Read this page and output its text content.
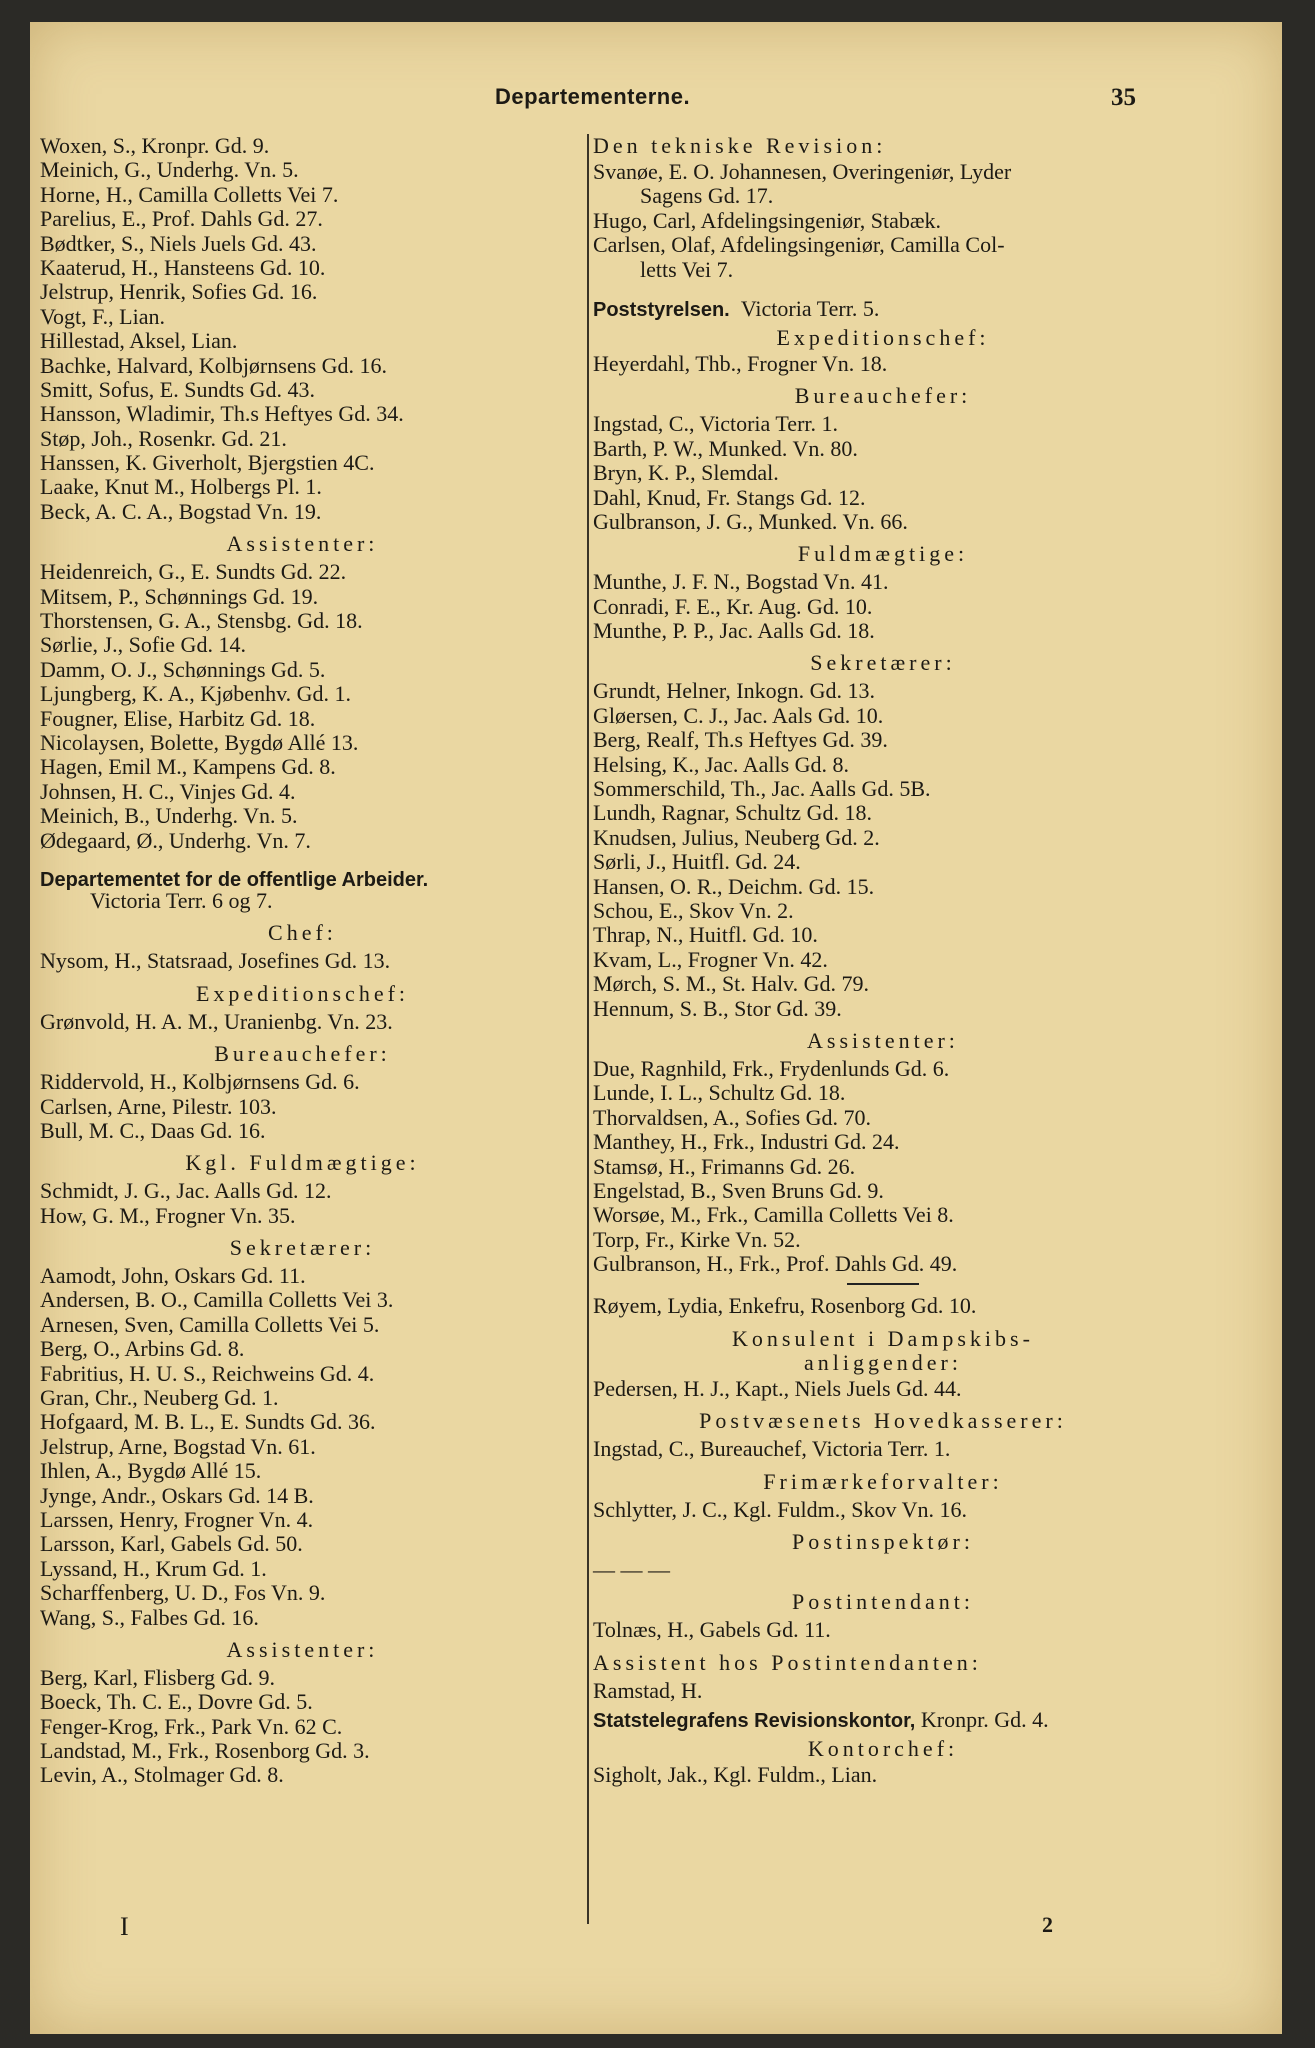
Departementerne.	35
Woxen, S., Kronpr. Gd. 9.
Meinich, G., Underhg. Vn. 5.
Horne, H., Camilla Colletts Vei 7.
Parelius, E., Prof. Dahls Gd. 27.
Bødtker, S., Niels Juels Gd. 43.
Kaaterud, H., Hansteens Gd. 10.
Jelstrup, Henrik, Sofies Gd. 16.
Vogt, F., Lian.
Hillestad, Aksel, Lian.
Bachke, Halvard, Kolbjørnsens Gd. 16.
Smitt, Sofus, E. Sundts Gd. 43.
Hansson, Wladimir, Th.s Heftyes Gd. 34.
Støp, Joh., Rosenkr. Gd. 21.
Hanssen, K. Giverholt, Bjergstien 4C.
Laake, Knut M., Holbergs Pl. 1.
Beck, A. C. A., Bogstad Vn. 19.
Assistenter:
Heidenreich, G., E. Sundts Gd. 22.
Mitsem, P., Schønnings Gd. 19.
Thorstensen, G. A., Stensbg. Gd. 18.
Sørlie, J., Sofie Gd. 14.
Damm, O. J., Schønnings Gd. 5.
Ljungberg, K. A., Kjøbenhv. Gd. 1.
Fougner, Elise, Harbitz Gd. 18.
Nicolaysen, Bolette, Bygdø Allé 13.
Hagen, Emil M., Kampens Gd. 8.
Johnsen, H. C., Vinjes Gd. 4.
Meinich, B., Underhg. Vn. 5.
Ødegaard, Ø., Underhg. Vn. 7.
Departementet for de offentlige Arbeider.
Victoria Terr. 6 og 7.
Chef:
Nysom, H., Statsraad, Josefines Gd. 13.
Expeditionschef:
Grønvold, H. A. M., Uranienbg. Vn. 23.
Bureauchefer:
Riddervold, H., Kolbjørnsens Gd. 6.
Carlsen, Arne, Pilestr. 103.
Bull, M. C., Daas Gd. 16.
Kgl. Fuldmægtige:
Schmidt, J. G., Jac. Aalls Gd. 12.
How, G. M., Frogner Vn. 35.
Sekretærer:
Aamodt, John, Oskars Gd. 11.
Andersen, B. O., Camilla Colletts Vei 3.
Arnesen, Sven, Camilla Colletts Vei 5.
Berg, O., Arbins Gd. 8.
Fabritius, H. U. S., Reichweins Gd. 4.
Gran, Chr., Neuberg Gd. 1.
Hofgaard, M. B. L., E. Sundts Gd. 36.
Jelstrup, Arne, Bogstad Vn. 61.
Ihlen, A., Bygdø Allé 15.
Jynge, Andr., Oskars Gd. 14 B.
Larssen, Henry, Frogner Vn. 4.
Larsson, Karl, Gabels Gd. 50.
Lyssand, H., Krum Gd. 1.
Scharffenberg, U. D., Fos Vn. 9.
Wang, S., Falbes Gd. 16.
Assistenter:
Berg, Karl, Flisberg Gd. 9.
Boeck, Th. C. E., Dovre Gd. 5.
Fenger-Krog, Frk., Park Vn. 62 C.
Landstad, M., Frk., Rosenborg Gd. 3.
Levin, A., Stolmager Gd. 8.
Den tekniske Revision:
Svanøe, E. O. Johannesen, Overingeniør, Lyder
Sagens Gd. 17.
Hugo, Carl, Afdelingsingeniør, Stabæk.
Carlsen, Olaf, Afdelingsingeniør, Camilla Col-
letts Vei 7.
Poststyrelsen. Victoria Terr. 5.
Expeditionschef:
Heyerdahl, Thb., Frogner Vn. 18.
Bureauchefer:
Ingstad, C., Victoria Terr. 1.
Barth, P. W., Munked. Vn. 80.
Bryn, K. P., Slemdal.
Dahl, Knud, Fr. Stangs Gd. 12.
Gulbranson, J. G., Munked. Vn. 66.
Fuldmægtige:
Munthe, J. F. N., Bogstad Vn. 41.
Conradi, F. E., Kr. Aug. Gd. 10.
Munthe, P. P., Jac. Aalls Gd. 18.
Sekretærer:
Grundt, Helner, Inkogn. Gd. 13.
Gløersen, C. J., Jac. Aals Gd. 10.
Berg, Realf, Th.s Heftyes Gd. 39.
Helsing, K., Jac. Aalls Gd. 8.
Sommerschild, Th., Jac. Aalls Gd. 5B.
Lundh, Ragnar, Schultz Gd. 18.
Knudsen, Julius, Neuberg Gd. 2.
Sørli, J., Huitfl. Gd. 24.
Hansen, O. R., Deichm. Gd. 15.
Schou, E., Skov Vn. 2.
Thrap, N., Huitfl. Gd. 10.
Kvam, L., Frogner Vn. 42.
Mørch, S. M., St. Halv. Gd. 79.
Hennum, S. B., Stor Gd. 39.
Assistenter:
Due, Ragnhild, Frk., Frydenlunds Gd. 6.
Lunde, I. L., Schultz Gd. 18.
Thorvaldsen, A., Sofies Gd. 70.
Manthey, H., Frk., Industri Gd. 24.
Stamsø, H., Frimanns Gd. 26.
Engelstad, B., Sven Bruns Gd. 9.
Worsøe, M., Frk., Camilla Colletts Vei 8.
Torp, Fr., Kirke Vn. 52.
Gulbranson, H., Frk., Prof. Dahls Gd. 49.
Røyem, Lydia, Enkefru, Rosenborg Gd. 10.
Konsulent i Dampskibs-
anliggender:
Pedersen, H. J., Kapt., Niels Juels Gd. 44.
Postvæsenets Hovedkasserer:
Ingstad, C., Bureauchef, Victoria Terr. 1.
Frimærkeforvalter:
Schlytter, J. C., Kgl. Fuldm., Skov Vn. 16.
Postinspektør:
— — —
Postintendant:
Tolnæs, H., Gabels Gd. 11.
Assistent hos Postintendanten:
Ramstad, H.
Statstelegrafens Revisionskontor, Kronpr. Gd. 4.
Kontorchef:
Sigholt, Jak., Kgl. Fuldm., Lian.
I	2
